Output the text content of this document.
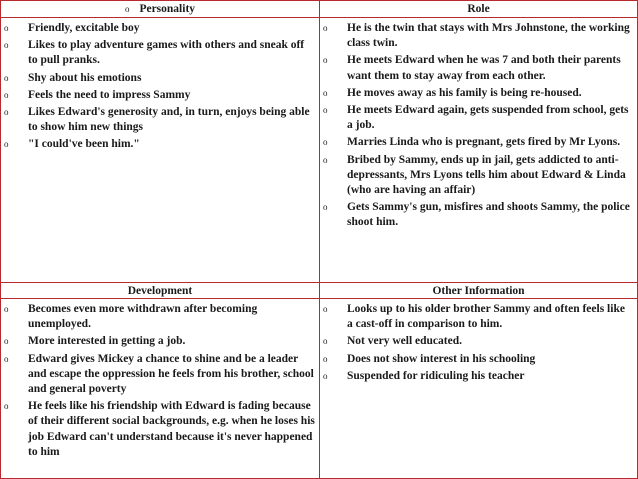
o Personality	Role
o Friendly, excitable boy
o Likes to play adventure games with others and sneak off to pull pranks.
o Shy about his emotions
o Feels the need to impress Sammy
o Likes Edward's generosity and, in turn, enjoys being able to show him new things
o "I could've been him."
o He is the twin that stays with Mrs Johnstone, the working class twin.
o He meets Edward when he was 7 and both their parents want them to stay away from each other.
o He moves away as his family is being re-housed.
o He meets Edward again, gets suspended from school, gets a job.
o Marries Linda who is pregnant, gets fired by Mr Lyons.
o Bribed by Sammy, ends up in jail, gets addicted to anti-depressants, Mrs Lyons tells him about Edward & Linda (who are having an affair)
o Gets Sammy's gun, misfires and shoots Sammy, the police shoot him.
Development	Other Information
o Becomes even more withdrawn after becoming unemployed.
o More interested in getting a job.
o Edward gives Mickey a chance to shine and be a leader and escape the oppression he feels from his brother, school and general poverty
o He feels like his friendship with Edward is fading because of their different social backgrounds, e.g. when he loses his job Edward can't understand because it's never happened to him
o Looks up to his older brother Sammy and often feels like a cast-off in comparison to him.
o Not very well educated.
o Does not show interest in his schooling
o Suspended for ridiculing his teacher
